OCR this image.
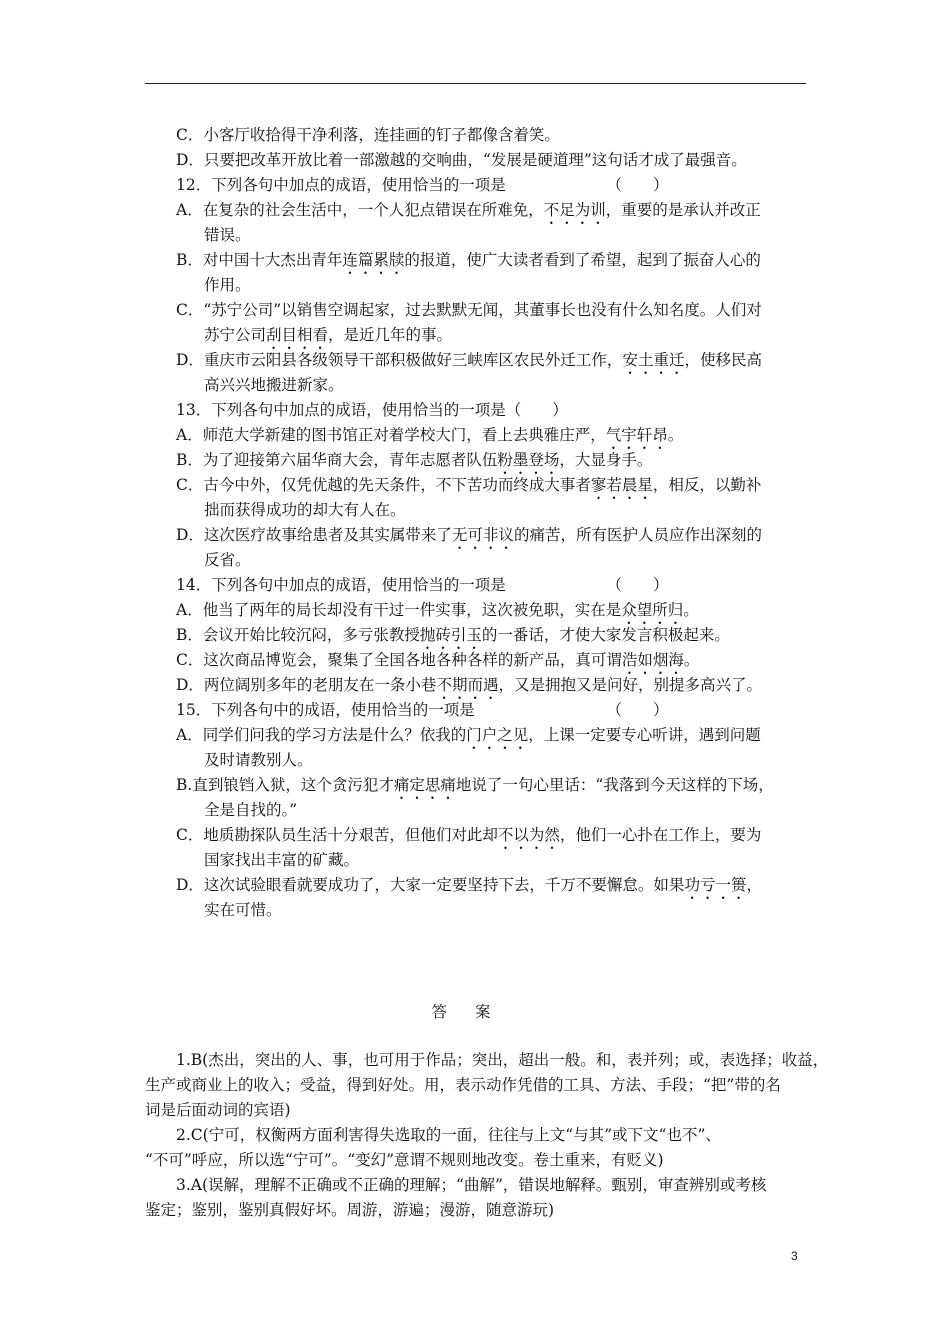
C．小客厅收拾得干净利落，连挂画的钉子都像含着笑。
D．只要把改革开放比着一部激越的交响曲，“发展是硬道理”这句话才成了最强音。
12．下列各句中加点的成语，使用恰当的一项是　　　　　　　（　　）
A．在复杂的社会生活中，一个人犯点错误在所难免，不足为训，重要的是承认并改正
错误。
B．对中国十大杰出青年连篇累牍的报道，使广大读者看到了希望，起到了振奋人心的
作用。
C．“苏宁公司”以销售空调起家，过去默默无闻，其董事长也没有什么知名度。人们对
苏宁公司刮目相看，是近几年的事。
D．重庆市云阳县各级领导干部积极做好三峡库区农民外迁工作，安土重迁，使移民高
高兴兴地搬进新家。
13．下列各句中加点的成语，使用恰当的一项是（　　）
A．师范大学新建的图书馆正对着学校大门，看上去典雅庄严，气宇轩昂。
B．为了迎接第六届华商大会，青年志愿者队伍粉墨登场，大显身手。
C．古今中外，仅凭优越的先天条件，不下苦功而终成大事者寥若晨星，相反，以勤补
拙而获得成功的却大有人在。
D．这次医疗故事给患者及其实属带来了无可非议的痛苦，所有医护人员应作出深刻的
反省。
14．下列各句中加点的成语，使用恰当的一项是　　　　　　　（　　）
A．他当了两年的局长却没有干过一件实事，这次被免职，实在是众望所归。
B．会议开始比较沉闷，多亏张教授抛砖引玉的一番话，才使大家发言积极起来。
C．这次商品博览会，聚集了全国各地各种各样的新产品，真可谓浩如烟海。
D．两位阔别多年的老朋友在一条小巷不期而遇，又是拥抱又是问好，别提多高兴了。
15．下列各句中的成语，使用恰当的一项是　　　　　　　　　（　　）
A．同学们问我的学习方法是什么？依我的门户之见，上课一定要专心听讲，遇到问题
及时请教别人。
B.直到锒铛入狱，这个贪污犯才痛定思痛地说了一句心里话：“我落到今天这样的下场，
全是自找的。”
C．地质勘探队员生活十分艰苦，但他们对此却不以为然，他们一心扑在工作上，要为
国家找出丰富的矿藏。
D．这次试验眼看就要成功了，大家一定要坚持下去，千万不要懈怠。如果功亏一篑，
实在可惜。
答案
1.B(杰出，突出的人、事，也可用于作品；突出，超出一般。和，表并列；或，表选择；收益，
生产或商业上的收入；受益，得到好处。用，表示动作凭借的工具、方法、手段；“把”带的名
词是后面动词的宾语)
2.C(宁可，权衡两方面利害得失选取的一面，往往与上文“与其”或下文“也不”、
“不可”呼应，所以选“宁可”。“变幻”意谓不规则地改变。卷土重来，有贬义)
3.A(误解，理解不正确或不正确的理解；“曲解”，错误地解释。甄别，审查辨别或考核
鉴定；鉴别，鉴别真假好坏。周游，游遍；漫游，随意游玩)
3
